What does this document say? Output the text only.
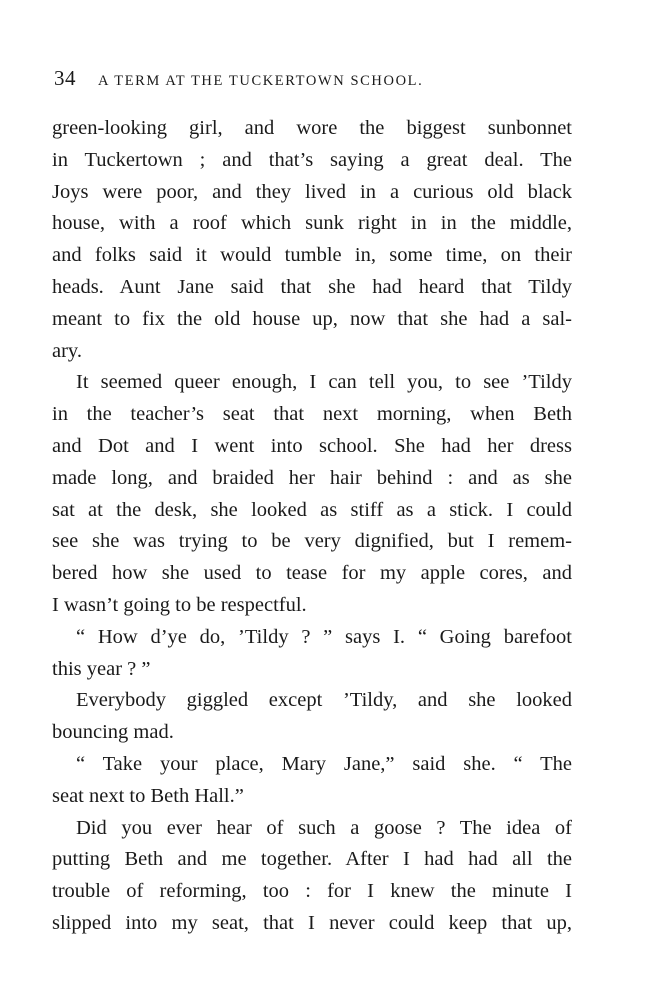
34 A TERM AT THE TUCKERTOWN SCHOOL.
green-looking girl, and wore the biggest sunbonnet
in Tuckertown ; and that’s saying a great deal. The
Joys were poor, and they lived in a curious old black
house, with a roof which sunk right in in the middle,
and folks said it would tumble in, some time, on their
heads. Aunt Jane said that she had heard that Tildy
meant to fix the old house up, now that she had a sal-
ary.
It seemed queer enough, I can tell you, to see ’Tildy
in the teacher’s seat that next morning, when Beth
and Dot and I went into school. She had her dress
made long, and braided her hair behind : and as she
sat at the desk, she looked as stiff as a stick. I could
see she was trying to be very dignified, but I remem-
bered how she used to tease for my apple cores, and
I wasn’t going to be respectful.
“ How d’ye do, ’Tildy ? ” says I. “ Going barefoot
this year ? ”
Everybody giggled except ’Tildy, and she looked
bouncing mad.
“ Take your place, Mary Jane,” said she. “ The
seat next to Beth Hall.”
Did you ever hear of such a goose ? The idea of
putting Beth and me together. After I had had all the
trouble of reforming, too : for I knew the minute I
slipped into my seat, that I never could keep that up,
